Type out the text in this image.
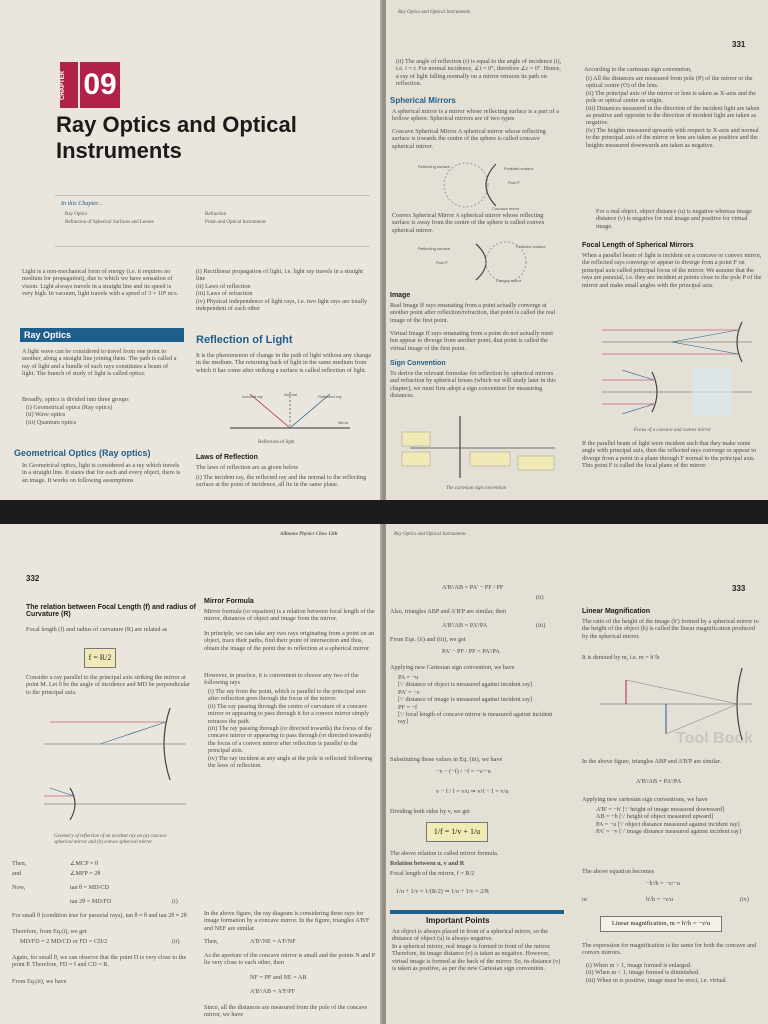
CHAPTER 09
Ray Optics and Optical
Instruments
In this Chapter...
Ray Optics
Refraction of Spherical Surfaces and Lenses
Refraction
Prism and Optical Instruments
Light is a non-mechanical form of energy (i.e. it requires no medium for propagation), due to which we have sensation of vision. Light always travels in a straight line and its speed is very high. In vacuum, light travels with a speed of 3 × 10⁸ m/s.
Ray Optics
A light wave can be considered to travel from one point to another, along a straight line joining them. The path is called a ray of light and a bundle of such rays constitutes a beam of light. The branch of study of light is called optics.
Broadly, optics is divided into three groups
(i) Geometrical optics (Ray optics)
(ii) Wave optics
(iii) Quantum optics
Geometrical Optics (Ray optics)
In Geometrical optics, light is considered as a ray which travels in a straight line. It states that for each and every object, there is an image. It works on following assumptions
(i) Rectilinear propagation of light, i.e. light ray travels in a straight line
(ii) Laws of reflection
(iii) Laws of refraction
(iv) Physical independence of light rays, i.e. two light rays are totally independent of each other
Reflection of Light
It is the phenomenon of change in the path of light without any change in the medium. The returning back of light in the same medium from which it has come after striking a surface is called reflection of light.
Incident ray	Normal	Reflected ray
Mirror
Reflection of light
Laws of Reflection
The laws of reflection are as given below
(i) The incident ray, the reflected ray and the normal to the reflecting surface at the point of incidence, all lie in the same plane.
Ray Optics and Optical Instruments
331
(ii) The angle of reflection (r) is equal to the angle of incidence (i), i.e. i = r. For normal incidence, ∠i = 0°, therefore ∠r = 0°. Hence, a ray of light falling normally on a mirror retraces its path on reflection.
Spherical Mirrors
A spherical mirror is a mirror whose reflecting surface is a part of a hollow sphere. Spherical mirrors are of two types
Concave Spherical Mirror A spherical mirror whose reflecting surface is towards the centre of the sphere is called concave spherical mirror.
Reflecting surface	Polished surface
Pole P
Concave mirror
Convex Spherical Mirror A spherical mirror whose reflecting surface is away from the centre of the sphere is called convex spherical mirror.
Reflecting surface	Polished surface
Pole P
Convex mirror
Image
Real Image If rays emanating from a point actually converge at another point after reflection/refraction, that point is called the real image of the first point.
Virtual Image If rays emanating from a point do not actually meet but appear to diverge from another point, that point is called the virtual image of the first point.
Sign Convention
To derive the relevant formulae for reflection by spherical mirrors and refraction by spherical lenses (which we will study later in this chapter), we must first adopt a sign convention for measuring distances.
The cartesian sign convention
According to the cartesian sign convention,
(i) All the distances are measured from pole (P) of the mirror or the optical centre (O) of the lens.
(ii) The principal axis of the mirror or lens is taken as X-axis and the pole or optical centre as origin.
(iii) Distances measured in the direction of the incident light are taken as positive and opposite to the direction of incident light are taken as negative.
(iv) The heights measured upwards with respect to X-axis and normal to the principal axis of the mirror or lens are taken as positive and the heights measured downwards are taken as negative.
For a real object, object distance (u) is negative whereas image distance (v) is negative for real image and positive for virtual image.
Focal Length of Spherical Mirrors
When a parallel beam of light is incident on a concave or convex mirror, the reflected rays converge or appear to diverge from a point F on principal axis called principal focus of the mirror. We assume that the rays are paraxial, i.e. they are incident at points close to the pole P of the mirror and make small angles with the principal axis.
Focus of a concave and convex mirror
If the parallel beam of light were incident such that they make some angle with principal axis, then the reflected rays converge or appear to diverge from a point in a plane through F normal to the principal axis. This point F is called the focal plane of the mirror.
Allinone Physics Class 12th
332
The relation between Focal Length (f) and radius of Curvature (R)
Focal length (f) and radius of curvature (R) are related as
f = R/2
Consider a ray parallel to the principal axis striking the mirror at point M. Let 0 be the angle of incidence and MD be perpendicular to the principal axis.
Geometry of reflection of an incident ray on (a) concave spherical mirror and (b) convex spherical mirror
Then,	∠MCP = θ
and	∠MFP = 2θ
Now,	tan θ = MD/CD
tan 2θ = MD/FD	(i)
For small θ (condition true for paraxial rays), tan θ ≈ θ and tan 2θ ≈ 2θ
Therefore, from Eq.(i), we get
MD/FD = 2 MD/CD or FD = CD/2	(ii)
Again, for small θ, we can observe that the point D is very close to the point P. Therefore, FD = f and CD = R.
From Eq.(ii), we have
Mirror Formula
Mirror formula (or equation) is a relation between focal length of the mirror, distances of object and image from the mirror.
In principle, we can take any two rays originating from a point on an object, trace their paths, find their point of intersection and thus, obtain the image of the point due to reflection at a spherical mirror.
However, in practice, it is convenient to choose any two of the following rays
(i) The ray from the point, which is parallel to the principal axis after reflection goes through the focus of the mirror.
(ii) The ray passing through the centre of curvature of a concave mirror or appearing to pass through it for a convex mirror simply retraces the path.
(iii) The ray passing through (or directed towards) the focus of the concave mirror or appearing to pass through (or directed towards) the focus of a convex mirror after reflection is parallel to the principal axis.
(iv) The ray incident at any angle at the pole is reflected following the laws of reflection.
In the above figure, the ray diagram is considering three rays for image formation by a concave mirror. In the figure, triangles A'B'F and NEF are similar.
Then,	A'B'/NE = A'F/NF
As the aperture of the concave mirror is small and the points N and P lie very close to each other, then
NF = PF and NE = AB
A'B'/AB = A'F/PF
Since, all the distances are measured from the pole of the concave mirror, we have
Ray Optics and Optical Instruments
333
A'B'/AB = PA' − PF / PF
(ii)
Also, triangles ABP and A'B'P are similar, then
A'B'/AB = PA'/PA	(iii)
From Eqs. (ii) and (iii), we get
PA' − PF / PF = PA'/PA
Applying new Cartesian sign convention, we have
PA = −u
[∵ distance of object is measured against incident ray]
PA' = −v
[∵ distance of image is measured against incident ray]
PF = −f
[∵ focal length of concave mirror is measured against incident ray]
Substituting these values in Eq. (iii), we have
−v − (−f) / −f = −v/−u
v − f / f = v/u ⇒ v/f − 1 = v/u
Dividing both sides by v, we get
1/f = 1/v + 1/u
The above relation is called mirror formula.
Relation between u, v and R
Focal length of the mirror, f = R/2
1/u + 1/v = 1/(R/2) ⇒ 1/u + 1/v = 2/R
Important Points
An object is always placed in front of a spherical mirror, so the distance of object (u) is always negative.
In a spherical mirror, real image is formed in front of the mirror. Therefore, its image distance (v) is taken as negative. However, virtual image is formed at the back of the mirror. So, its distance (v) is taken as positive, as per the new Cartesian sign convention.
Linear Magnification
The ratio of the height of the image (h') formed by a spherical mirror to the height of the object (h) is called the linear magnification produced by the spherical mirror.
It is denoted by m, i.e. m = h'/h
In the above figure, triangles ABP and A'B'P are similar.
A'B'/AB = PA'/PA
Applying new cartesian sign conventions, we have
A'B' = −h' [∵ height of image measured downward]
AB = +h [∵ height of object measured upward]
PA = −u [∵ object distance measured against incident ray]
PA' = −v [∵ image distance measured against incident ray]
The above equation becomes
−h'/h = −v/−u
or	h'/h = −v/u	(iv)
Linear magnification, m = h'/h = −v/u
The expression for magnification is the same for both the concave and convex mirrors.
(i) When m > 1, image formed is enlarged.
(ii) When m < 1, image formed is diminished.
(iii) When m is positive, image must be erect, i.e. virtual.
Tool Book
